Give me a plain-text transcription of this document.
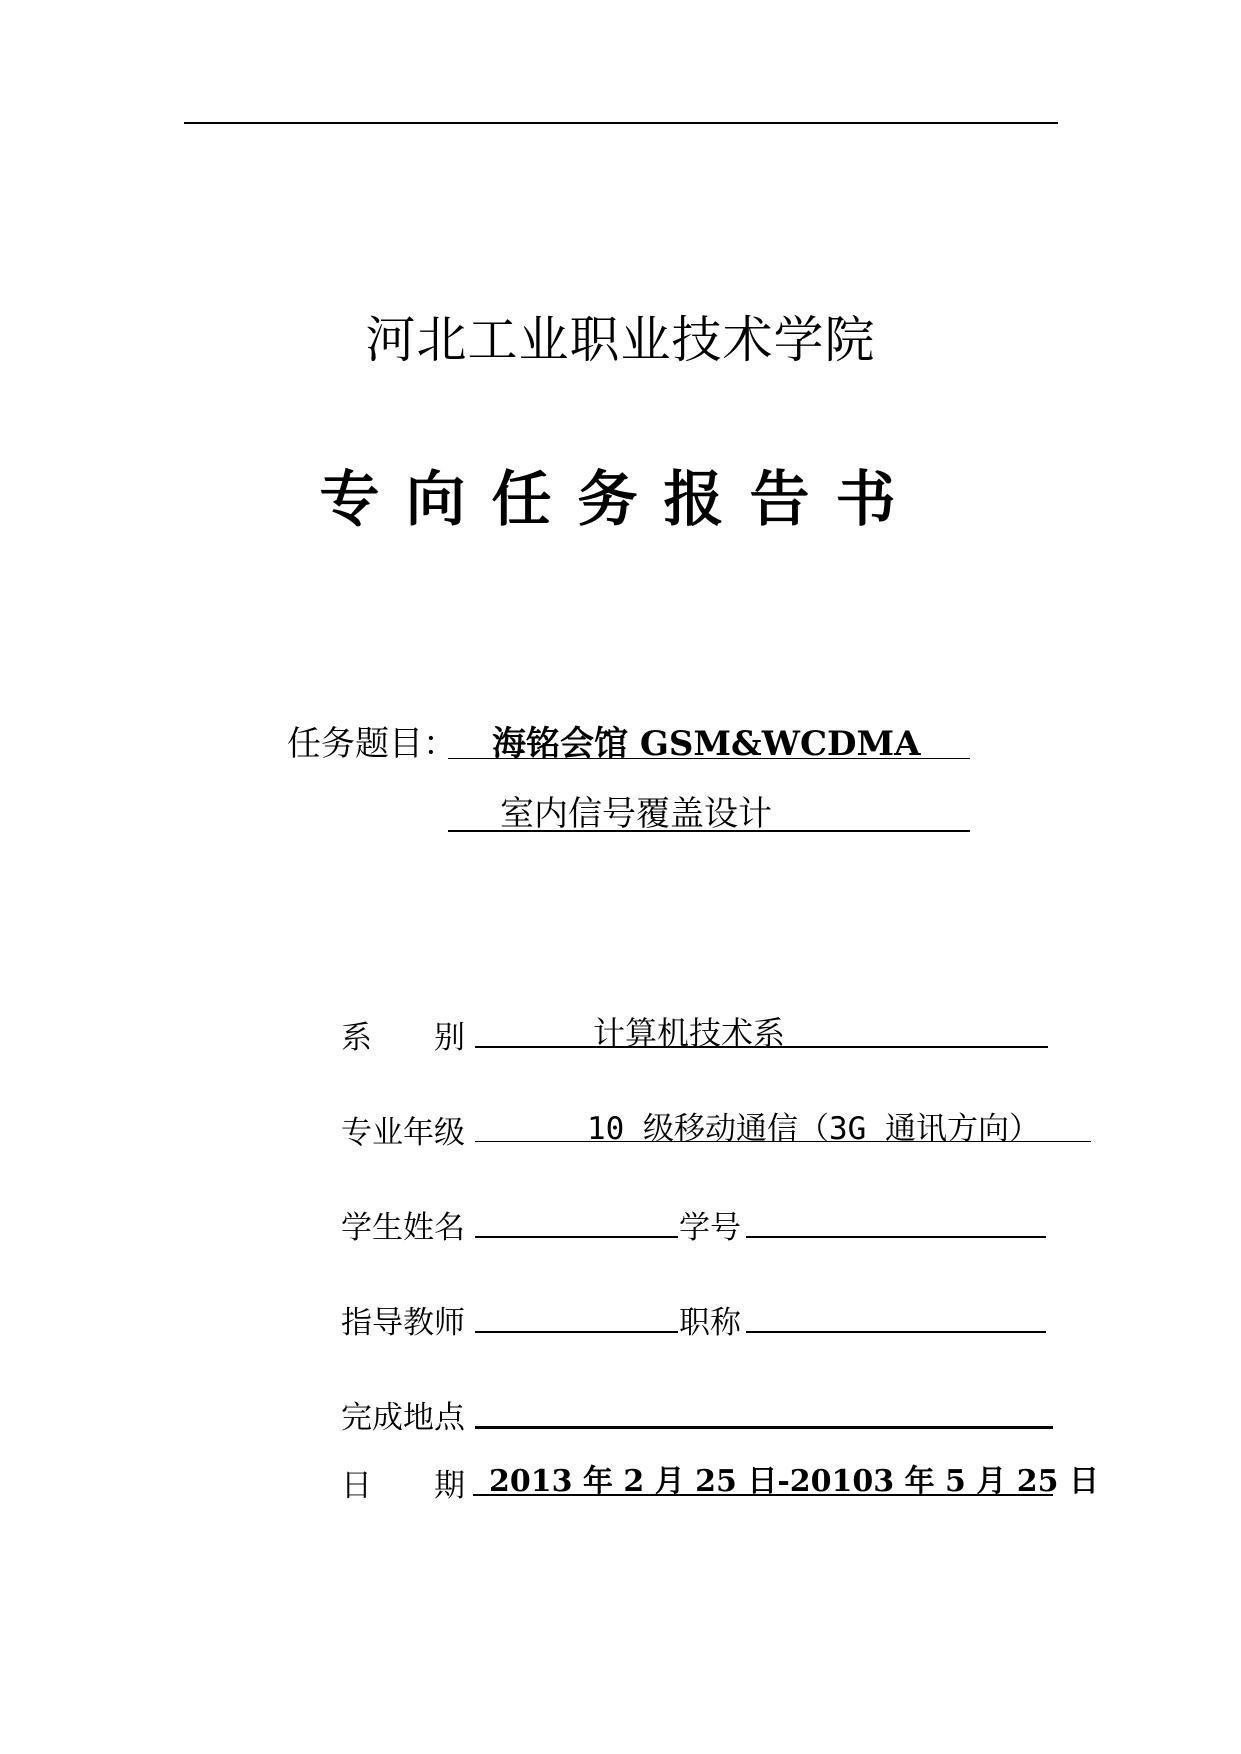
河北工业职业技术学院
专向任务报告书
任务题目： 海铭会馆 GSM&WCDMA
室内信号覆盖设计
系　　别	计算机技术系
专业年级	10 级移动通信（3G 通讯方向）
学生姓名	学号
指导教师	职称
完成地点
日　　期 2013 年 2 月 25 日-20103 年 5 月 25 日
